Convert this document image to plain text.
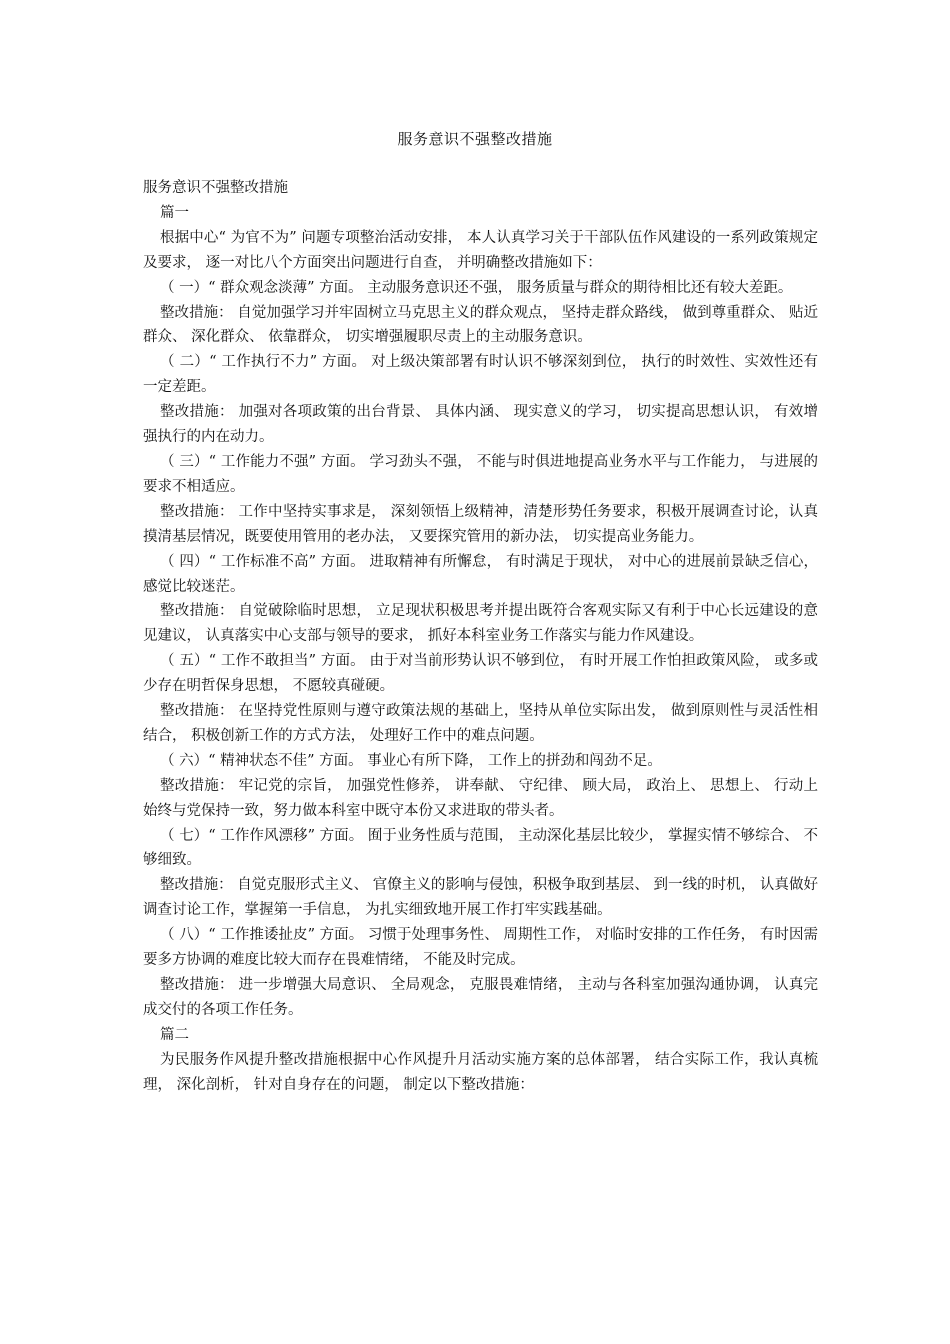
服务意识不强整改措施

服务意识不强整改措施

篇一

根据中心“ 为官不为” 问题专项整治活动安排， 本人认真学习关于干部队伍作风建设的一系列政策规定及要求， 逐一对比八个方面突出问题进行自查， 并明确整改措施如下：

（ 一）“ 群众观念淡薄” 方面。 主动服务意识还不强， 服务质量与群众的期待相比还有较大差距。

整改措施： 自觉加强学习并牢固树立马克思主义的群众观点， 坚持走群众路线， 做到尊重群众、 贴近群众、 深化群众、 依靠群众， 切实增强履职尽责上的主动服务意识。

（ 二）“ 工作执行不力” 方面。 对上级决策部署有时认识不够深刻到位， 执行的时效性、实效性还有一定差距。

整改措施： 加强对各项政策的出台背景、 具体内涵、 现实意义的学习， 切实提高思想认识， 有效增强执行的内在动力。

（ 三）“ 工作能力不强” 方面。 学习劲头不强， 不能与时俱进地提高业务水平与工作能力， 与进展的要求不相适应。

整改措施： 工作中坚持实事求是， 深刻领悟上级精神，清楚形势任务要求，积极开展调查讨论，认真摸清基层情况，既要使用管用的老办法， 又要探究管用的新办法， 切实提高业务能力。

（ 四）“ 工作标准不高” 方面。 进取精神有所懈怠， 有时满足于现状， 对中心的进展前景缺乏信心， 感觉比较迷茫。

整改措施： 自觉破除临时思想， 立足现状积极思考并提出既符合客观实际又有利于中心长远建设的意见建议， 认真落实中心支部与领导的要求， 抓好本科室业务工作落实与能力作风建设。

（ 五）“ 工作不敢担当” 方面。 由于对当前形势认识不够到位， 有时开展工作怕担政策风险， 或多或少存在明哲保身思想， 不愿较真碰硬。

整改措施： 在坚持党性原则与遵守政策法规的基础上，坚持从单位实际出发， 做到原则性与灵活性相结合， 积极创新工作的方式方法， 处理好工作中的难点问题。

（ 六）“ 精神状态不佳” 方面。 事业心有所下降， 工作上的拼劲和闯劲不足。

整改措施： 牢记党的宗旨， 加强党性修养， 讲奉献、 守纪律、 顾大局， 政治上、 思想上、 行动上始终与党保持一致，努力做本科室中既守本份又求进取的带头者。

（ 七）“ 工作作风漂移” 方面。 囿于业务性质与范围， 主动深化基层比较少， 掌握实情不够综合、 不够细致。

整改措施： 自觉克服形式主义、 官僚主义的影响与侵蚀，积极争取到基层、 到一线的时机， 认真做好调查讨论工作，掌握第一手信息， 为扎实细致地开展工作打牢实践基础。

（ 八）“ 工作推诿扯皮” 方面。 习惯于处理事务性、 周期性工作， 对临时安排的工作任务， 有时因需要多方协调的难度比较大而存在畏难情绪， 不能及时完成。

整改措施： 进一步增强大局意识、 全局观念， 克服畏难情绪， 主动与各科室加强沟通协调， 认真完成交付的各项工作任务。

篇二

为民服务作风提升整改措施根据中心作风提升月活动实施方案的总体部署， 结合实际工作，我认真梳理， 深化剖析， 针对自身存在的问题， 制定以下整改措施：
